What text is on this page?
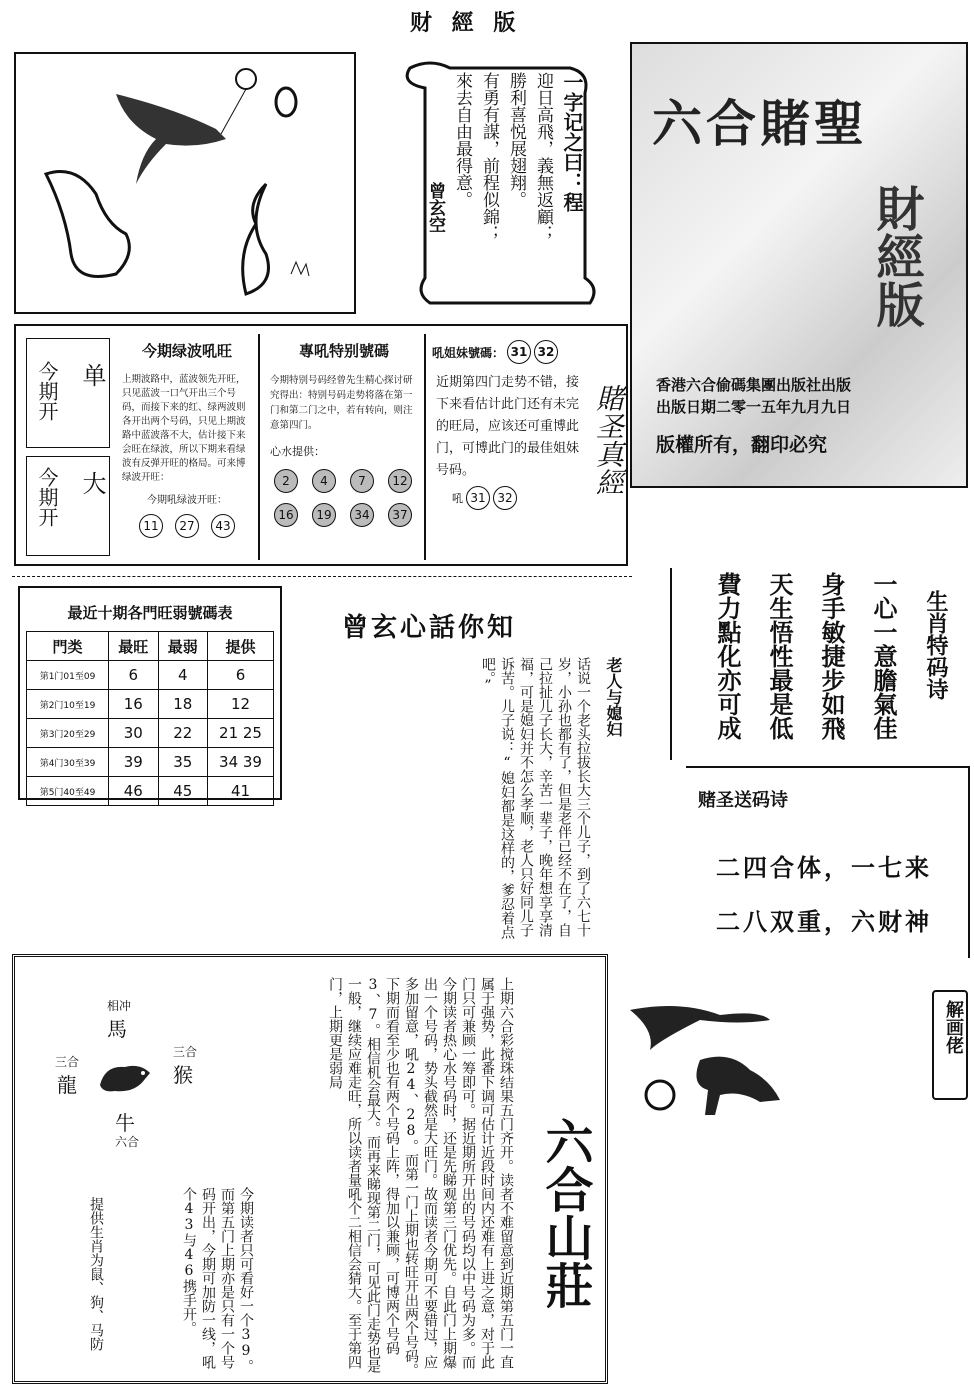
财 經 版
一字记之曰：程
迎日高飛，義無返顧；
勝利喜悦展翅翔。
有勇有謀，前程似錦；
來去自由最得意。
曾玄空
六合賭聖
財經版
香港六合偷碼集團出版社出版
出版日期二零一五年九月九日
版權所有，翻印必究
今期开 单
今期开 大
今期绿波吼旺
上期波路中，蓝波领先开旺，只见蓝波一口气开出三个号码，而接下来的红、绿两波则各开出两个号码，只见上期波路中蓝波落不大，估计接下来会旺在绿波，所以下期来看绿波有反弹开旺的格局。可来博绿波开旺：
今期吼绿波开旺：
11	27	43
專吼特别號碼
今期特别号码经曾先生精心探讨研究得出：特别号码走势将落在第一门和第二门之中，若有转向，则注意第四门。
心水提供：
2	4	7	12
16	19	34	37
吼姐妹號碼： 31 32
近期第四门走势不错，接下来看估计此门还有未完的旺局，应该还可重博此门，可博此门的最佳姐妹号码。
吼 31 32
賭圣真經
最近十期各門旺弱號碼表
門类	最旺	最弱	提供
第1门01至09	6	4	6
第2门10至19	16	18	12
第3门20至29	30	22	21 25
第4门30至39	39	35	34 39
第5门40至49	46	45	41
曾玄心話你知
老人与媳妇
话说一个老头拉拔长大三个儿子，到了六七十岁，小孙也都有了，但是老伴已经不在了，自己拉扯儿子长大，辛苦一辈子，晚年想享享清福，可是媳妇并不怎么孝顺，老人只好同儿子诉苦。儿子说：“媳妇都是这样的，爹忍着点吧。”	生肖特码诗
一心一意膽氣佳
身手敏捷步如飛
天生悟性最是低
費力點化亦可成
赌圣送码诗
二四合体，一七来
二八双重，六财神
解画佬
相冲
馬
三合
龍
三合
猴
牛
六合	六合山莊
上期六合彩搅珠结果五门齐开。读者不难留意到近期第五门一直属于强势，此番下调可估计近段时间内还难有上进之意，对于此门只可兼顾一筹即可。据近期所开出的号码均以中号码为多。而今期读者热心水号码时，还是先睇观第三门优先。自此门上期爆出一个号码，势头截然是大旺门。故而读者今期可不要错过，应多加留意，吼24、28。而第一门上期也转旺开出两个号码。下期而看至少也有两个号码上阵，得加以兼顾，可博两个号码3、7。相信机会最大。而再来睇现第二门，可见此门走势也是一般，继续应难走旺，所以读者量吼个二相信会猜大。至于第四门，上期更是弱局
今期读者只可看好一个39。而第五门上期亦是只有一个号码开出，今期可加防一线，吼个43与46携手开。
提供生肖为鼠、狗、马防
